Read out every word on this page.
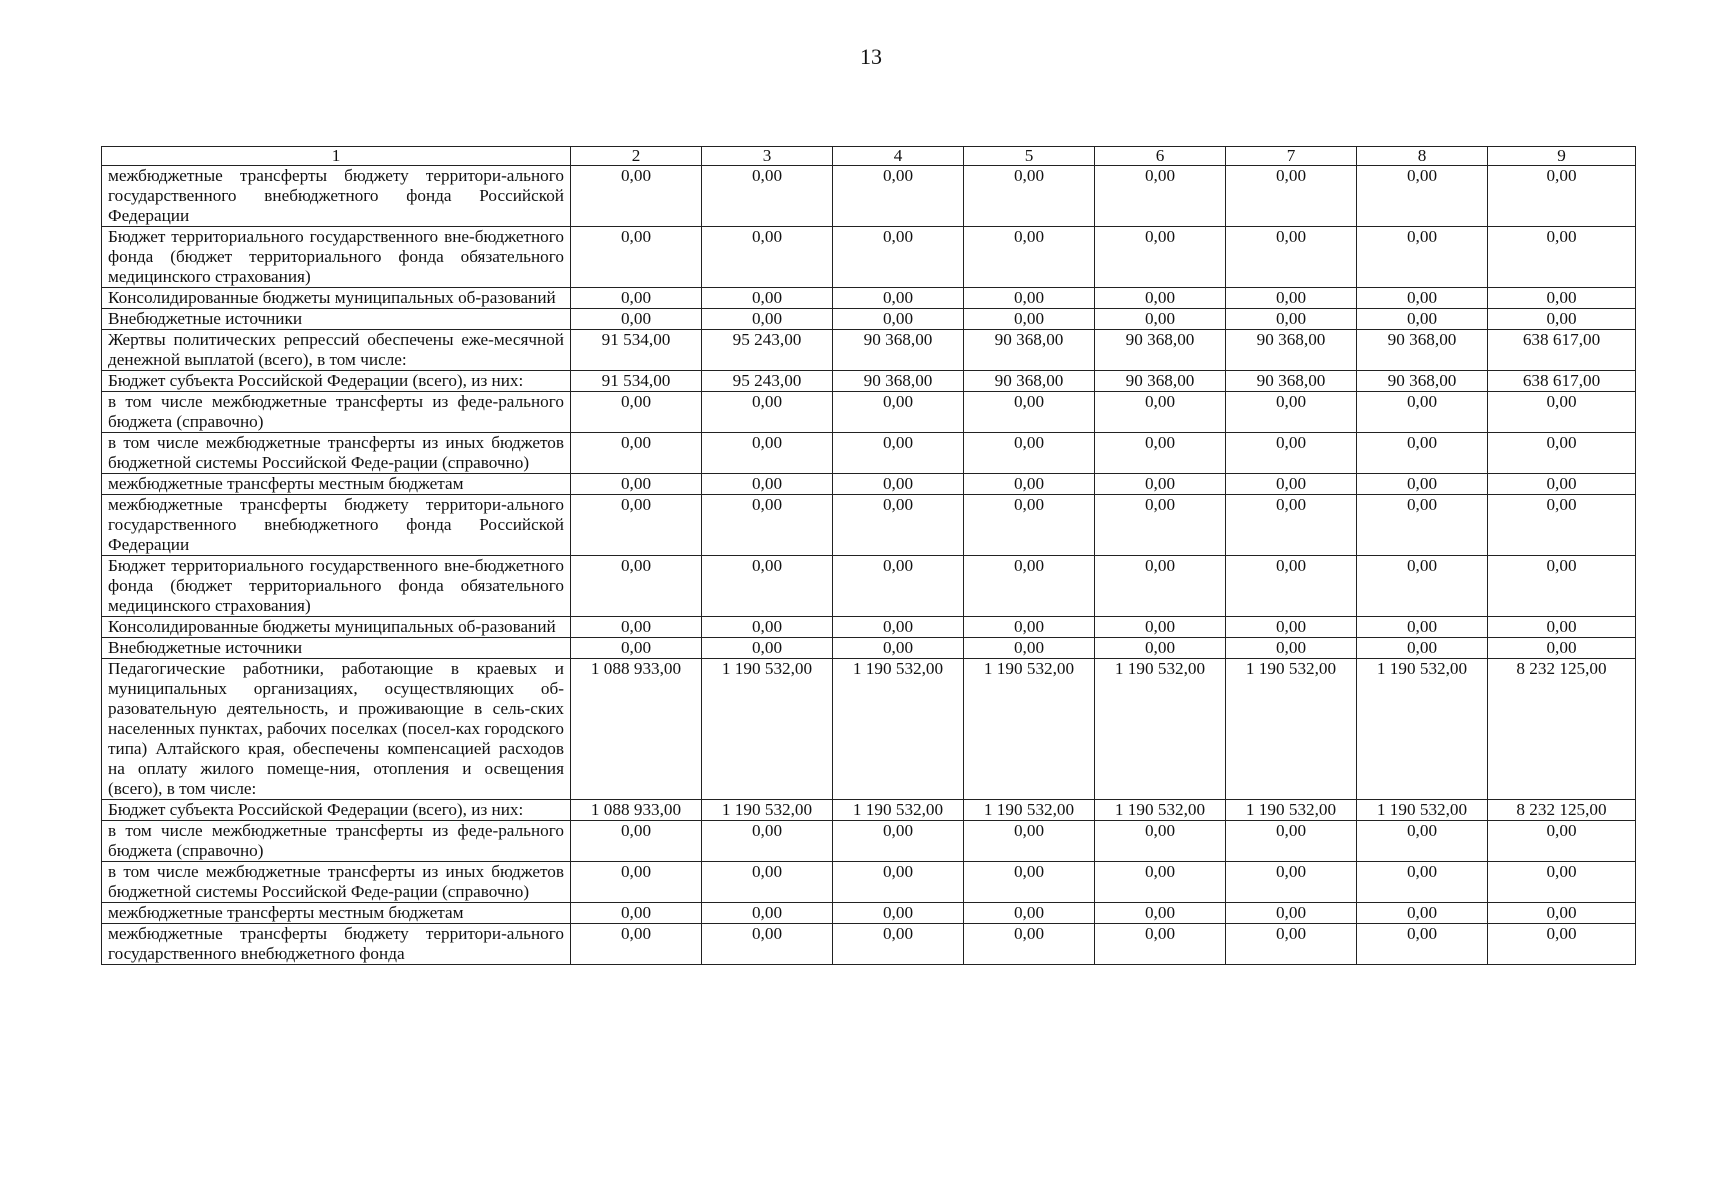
13
1	2	3	4	5	6	7	8	9
межбюджетные трансферты бюджету территори-ального государственного внебюджетного фонда Российской Федерации	0,00	0,00	0,00	0,00	0,00	0,00	0,00	0,00
Бюджет территориального государственного вне-бюджетного фонда (бюджет территориального фонда обязательного медицинского страхования)	0,00	0,00	0,00	0,00	0,00	0,00	0,00	0,00
Консолидированные бюджеты муниципальных об-разований	0,00	0,00	0,00	0,00	0,00	0,00	0,00	0,00
Внебюджетные источники	0,00	0,00	0,00	0,00	0,00	0,00	0,00	0,00
Жертвы политических репрессий обеспечены еже-месячной денежной выплатой (всего), в том числе:	91 534,00	95 243,00	90 368,00	90 368,00	90 368,00	90 368,00	90 368,00	638 617,00
Бюджет субъекта Российской Федерации (всего), из них:	91 534,00	95 243,00	90 368,00	90 368,00	90 368,00	90 368,00	90 368,00	638 617,00
в том числе межбюджетные трансферты из феде-рального бюджета (справочно)	0,00	0,00	0,00	0,00	0,00	0,00	0,00	0,00
в том числе межбюджетные трансферты из иных бюджетов бюджетной системы Российской Феде-рации (справочно)	0,00	0,00	0,00	0,00	0,00	0,00	0,00	0,00
межбюджетные трансферты местным бюджетам	0,00	0,00	0,00	0,00	0,00	0,00	0,00	0,00
межбюджетные трансферты бюджету территори-ального государственного внебюджетного фонда Российской Федерации	0,00	0,00	0,00	0,00	0,00	0,00	0,00	0,00
Бюджет территориального государственного вне-бюджетного фонда (бюджет территориального фонда обязательного медицинского страхования)	0,00	0,00	0,00	0,00	0,00	0,00	0,00	0,00
Консолидированные бюджеты муниципальных об-разований	0,00	0,00	0,00	0,00	0,00	0,00	0,00	0,00
Внебюджетные источники	0,00	0,00	0,00	0,00	0,00	0,00	0,00	0,00
Педагогические работники, работающие в краевых и муниципальных организациях, осуществляющих об-разовательную деятельность, и проживающие в сель-ских населенных пунктах, рабочих поселках (посел-ках городского типа) Алтайского края, обеспечены компенсацией расходов на оплату жилого помеще-ния, отопления и освещения (всего), в том числе:	1 088 933,00	1 190 532,00	1 190 532,00	1 190 532,00	1 190 532,00	1 190 532,00	1 190 532,00	8 232 125,00
Бюджет субъекта Российской Федерации (всего), из них:	1 088 933,00	1 190 532,00	1 190 532,00	1 190 532,00	1 190 532,00	1 190 532,00	1 190 532,00	8 232 125,00
в том числе межбюджетные трансферты из феде-рального бюджета (справочно)	0,00	0,00	0,00	0,00	0,00	0,00	0,00	0,00
в том числе межбюджетные трансферты из иных бюджетов бюджетной системы Российской Феде-рации (справочно)	0,00	0,00	0,00	0,00	0,00	0,00	0,00	0,00
межбюджетные трансферты местным бюджетам	0,00	0,00	0,00	0,00	0,00	0,00	0,00	0,00
межбюджетные трансферты бюджету территори-ального государственного внебюджетного фонда	0,00	0,00	0,00	0,00	0,00	0,00	0,00	0,00
